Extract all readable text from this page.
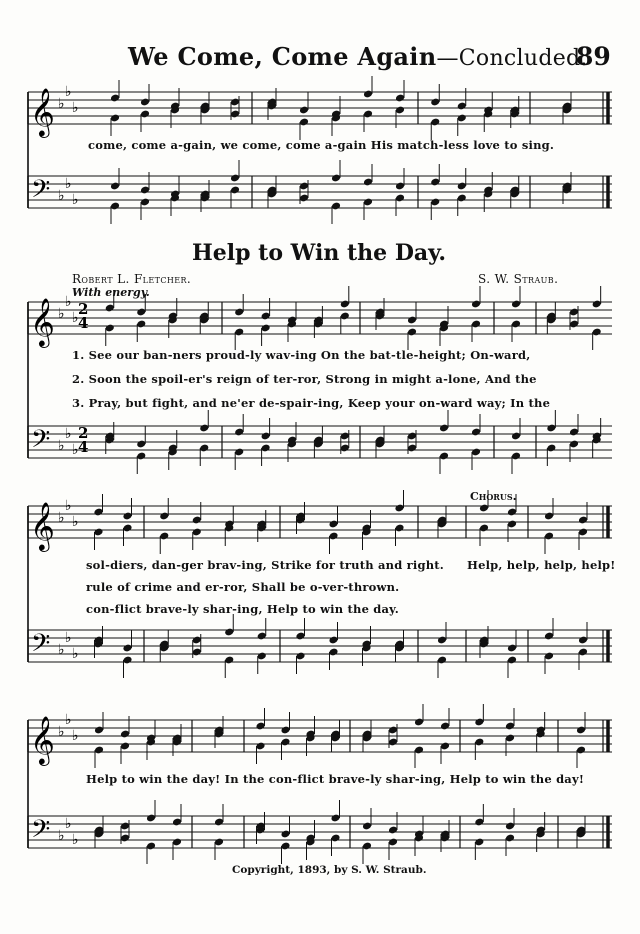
We Come, Come Again—Concluded.
89
𝄞 ♭
♭
♭
𝄢 ♭
♭
♭
𝄞 ♭
♭
♭
𝄢 ♭
♭
♭
2
2
4
4
𝄞 ♭
♭
♭
𝄢 ♭
♭
♭
𝄞 ♭
♭
♭
𝄢 ♭
♭
♭
come, come a-gain, we come, come a-gain His match-less love to sing.
Help to Win the Day.
Robert L. Fletcher.	S. W. Straub.
With energy.
1. See our ban-ners proud-ly wav-ing On the bat-tle-height; On-ward,
2. Soon the spoil-er's reign of ter-ror, Strong in might a-lone, And the
3. Pray, but fight, and ne'er de-spair-ing, Keep your on-ward way; In the
Chorus.
sol-diers, dan-ger brav-ing, Strike for truth and right. Help, help, help, help!
rule of crime and er-ror, Shall be o-ver-thrown.
con-flict brave-ly shar-ing, Help to win the day.
Help to win the day! In the con-flict brave-ly shar-ing, Help to win the day!
Copyright, 1893, by S. W. Straub.
